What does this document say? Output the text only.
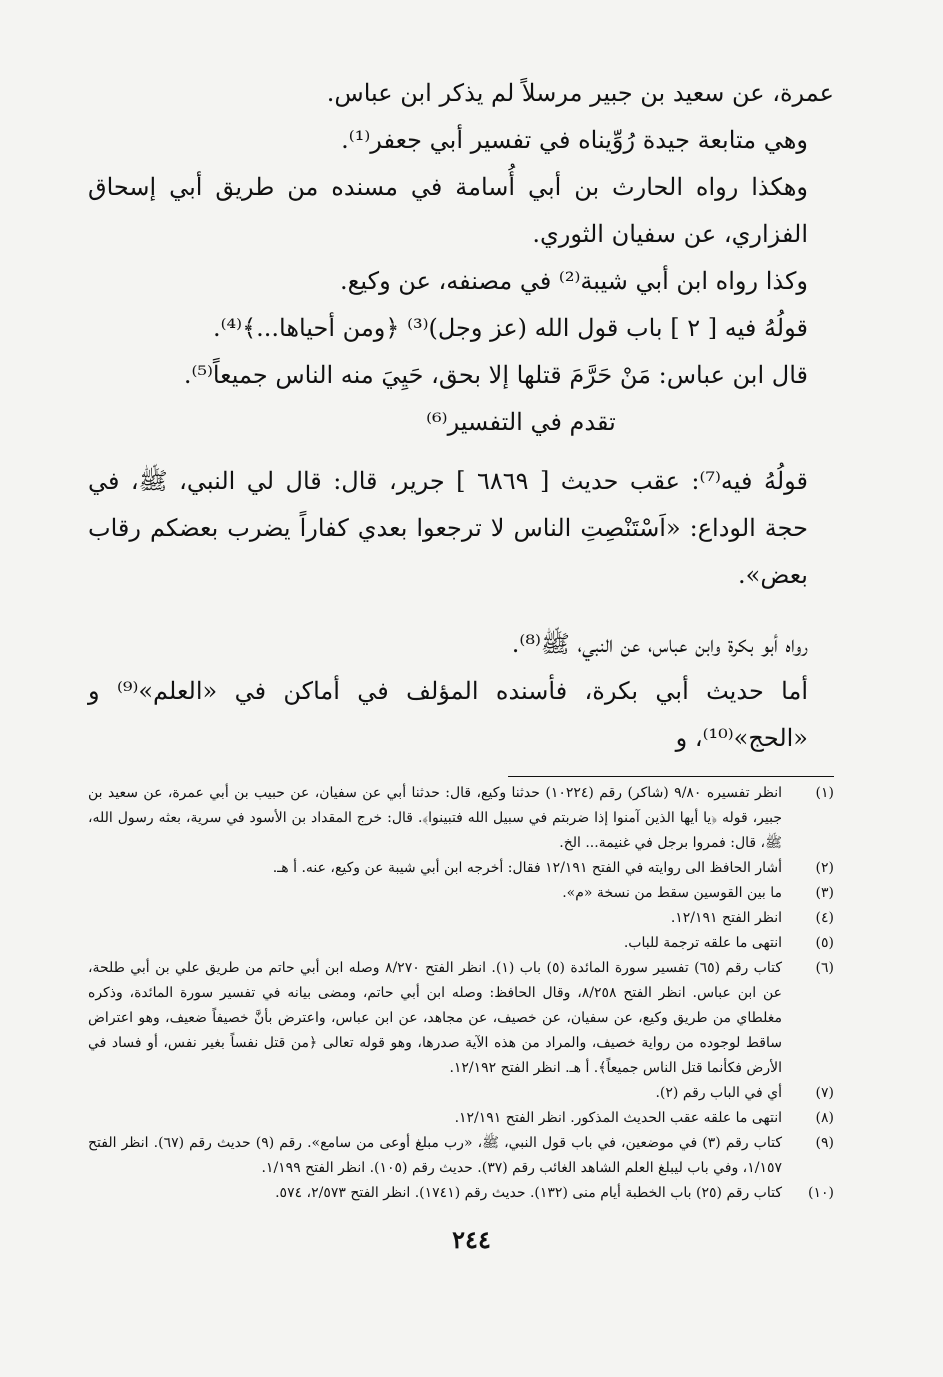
عمرة، عن سعيد بن جبير مرسلاً لم يذكر ابن عباس.

وهي متابعة جيدة رُوِّيناه في تفسير أبي جعفر⁽¹⁾.

وهكذا رواه الحارث بن أبي أُسامة في مسنده من طريق أبي إسحاق الفزاري، عن سفيان الثوري.

وكذا رواه ابن أبي شيبة⁽²⁾ في مصنفه، عن وكيع.

قولُهُ فيه [ ٢ ] باب قول الله (عز وجل)⁽³⁾ ﴿ومن أحياها...﴾⁽⁴⁾.

قال ابن عباس: مَنْ حَرَّمَ قتلها إلا بحق، حَيِيَ منه الناس جميعاً⁽⁵⁾.

تقدم في التفسير⁽⁶⁾

قولُهُ فيه⁽⁷⁾: عقب حديث [ ٦٨٦٩ ] جرير، قال: قال لي النبي، ﷺ، في حجة الوداع: «اَسْتَنْصِتِ الناس لا ترجعوا بعدي كفاراً يضرب بعضكم رقاب بعض».

رواه أبو بكرة وابن عباس، عن النبي، ﷺ⁽⁸⁾.

أما حديث أبي بكرة، فأسنده المؤلف في أماكن في «العلم»⁽⁹⁾ و «الحج»⁽¹⁰⁾، و

(١)
انظر تفسيره ٩/٨٠ (شاكر) رقم (١٠٢٢٤) حدثنا وكيع، قال: حدثنا أبي عن سفيان، عن حبيب بن أبي عمرة، عن سعيد بن جبير، قوله ﴿يا أيها الذين آمنوا إذا ضربتم في سبيل الله فتبينوا﴾. قال: خرج المقداد بن الأسود في سرية، بعثه رسول الله، ﷺ، قال: فمروا برجل في غنيمة... الخ.
(٢)
أشار الحافظ الى روايته في الفتح ١٢/١٩١ فقال: أخرجه ابن أبي شيبة عن وكيع، عنه. أ هـ.
(٣)
ما بين القوسين سقط من نسخة «م».
(٤)
انظر الفتح ١٢/١٩١.
(٥)
انتهى ما علقه ترجمة للباب.
(٦)
كتاب رقم (٦٥) تفسير سورة المائدة (٥) باب (١). انظر الفتح ٨/٢٧٠ وصله ابن أبي حاتم من طريق علي بن أبي طلحة، عن ابن عباس. انظر الفتح ٨/٢٥٨، وقال الحافظ: وصله ابن أبي حاتم، ومضى بيانه في تفسير سورة المائدة، وذكره مغلطاي من طريق وكيع، عن سفيان، عن خصيف، عن مجاهد، عن ابن عباس، واعترض بأنَّ خصيفاً ضعيف، وهو اعتراض ساقط لوجوده من رواية خصيف، والمراد من هذه الآية صدرها، وهو قوله تعالى ﴿من قتل نفساً بغير نفس، أو فساد في الأرض فكأنما قتل الناس جميعاً﴾. أ هـ. انظر الفتح ١٢/١٩٢.
(٧)
أي في الباب رقم (٢).
(٨)
انتهى ما علقه عقب الحديث المذكور. انظر الفتح ١٢/١٩١.
(٩)
كتاب رقم (٣) في موضعين، في باب قول النبي، ﷺ، «رب مبلغ أوعى من سامع». رقم (٩) حديث رقم (٦٧). انظر الفتح ١/١٥٧، وفي باب ليبلغ العلم الشاهد الغائب رقم (٣٧). حديث رقم (١٠٥). انظر الفتح ١/١٩٩.
(١٠)
كتاب رقم (٢٥) باب الخطبة أيام منى (١٣٢). حديث رقم (١٧٤١). انظر الفتح ٢/٥٧٣، ٥٧٤.
٢٤٤
